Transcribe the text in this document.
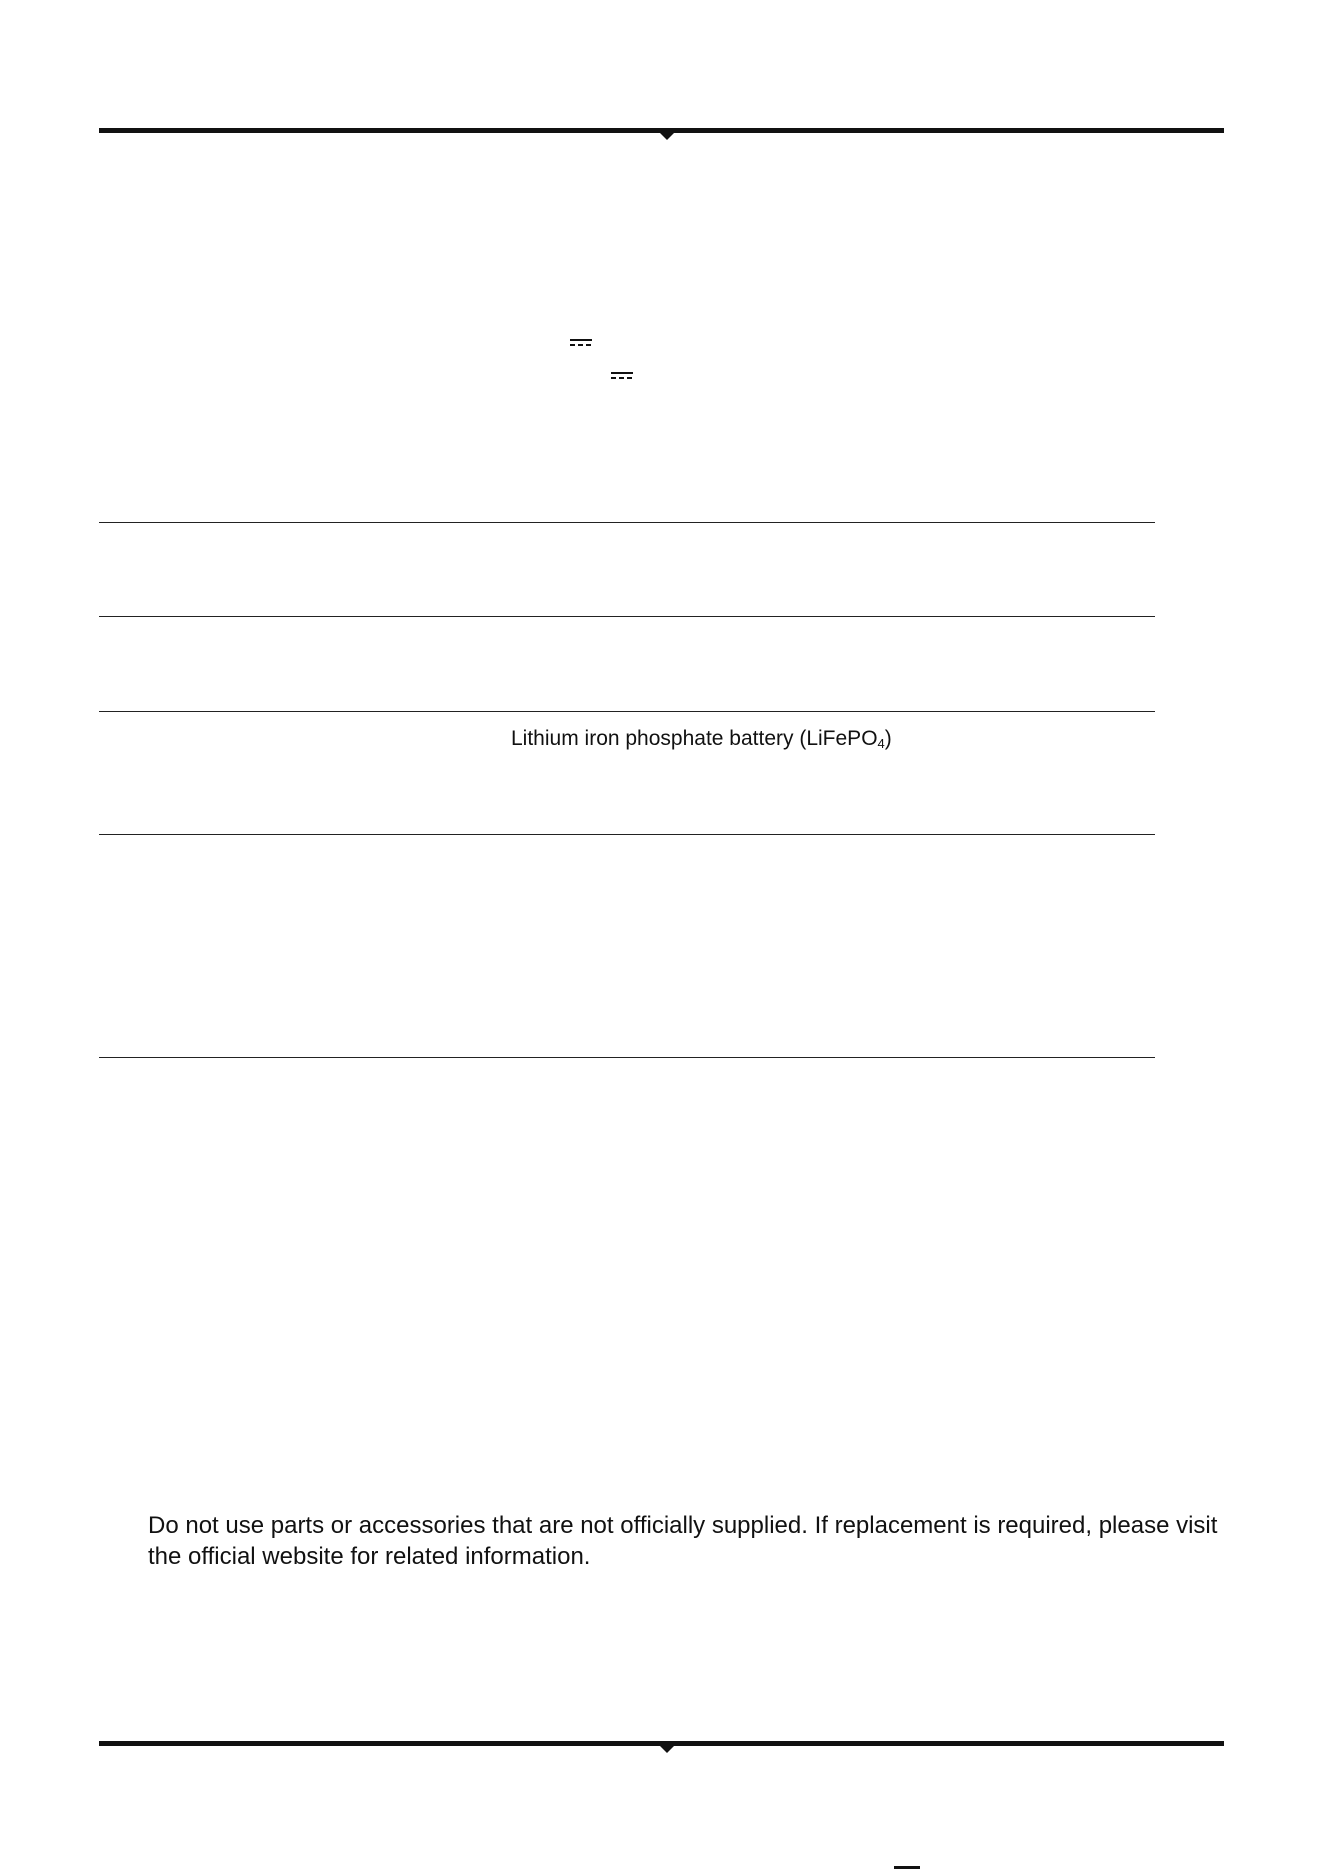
Lithium iron phosphate battery (LiFePO$_4$)
Do not use parts or accessories that are not officially supplied. If replacement is required, please visit
the official website for related information.
